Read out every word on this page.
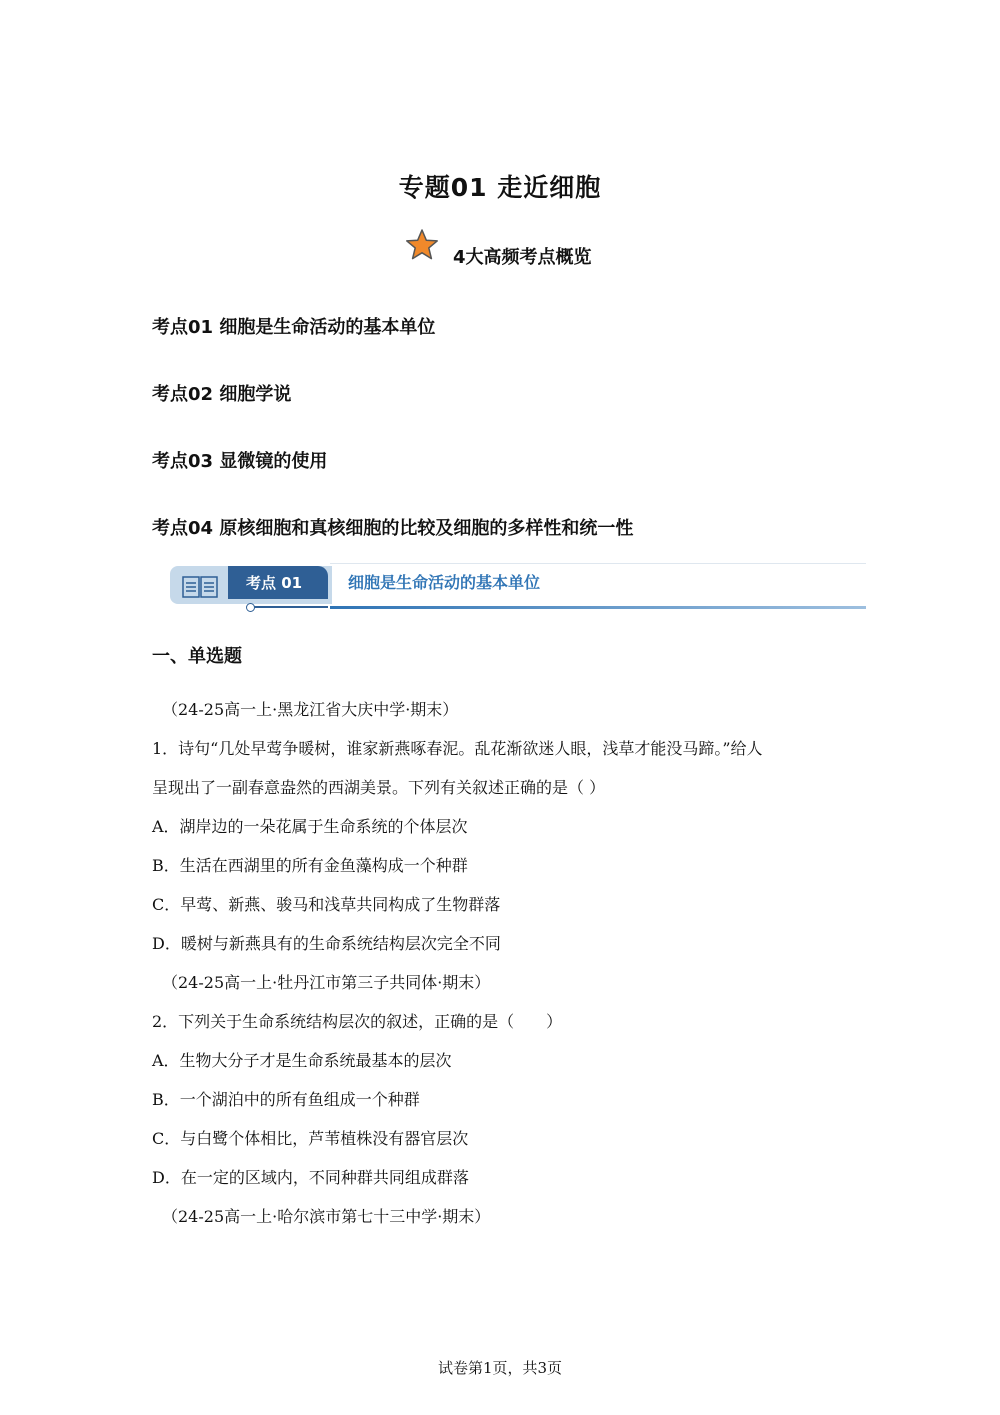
专题01 走近细胞
4大高频考点概览
考点01 细胞是生命活动的基本单位
考点02 细胞学说
考点03 显微镜的使用
考点04 原核细胞和真核细胞的比较及细胞的多样性和统一性
考点 01	细胞是生命活动的基本单位
一、单选题
（24-25高一上·黑龙江省大庆中学·期末）
1．诗句“几处早莺争暖树，谁家新燕啄春泥。乱花渐欲迷人眼，浅草才能没马蹄。”给人
呈现出了一副春意盎然的西湖美景。下列有关叙述正确的是（ ）
A．湖岸边的一朵花属于生命系统的个体层次
B．生活在西湖里的所有金鱼藻构成一个种群
C．早莺、新燕、骏马和浅草共同构成了生物群落
D．暖树与新燕具有的生命系统结构层次完全不同
（24-25高一上·牡丹江市第三子共同体·期末）
2．下列关于生命系统结构层次的叙述，正确的是（　　）
A．生物大分子才是生命系统最基本的层次
B．一个湖泊中的所有鱼组成一个种群
C．与白鹭个体相比，芦苇植株没有器官层次
D．在一定的区域内，不同种群共同组成群落
（24-25高一上·哈尔滨市第七十三中学·期末）
试卷第1页，共3页
